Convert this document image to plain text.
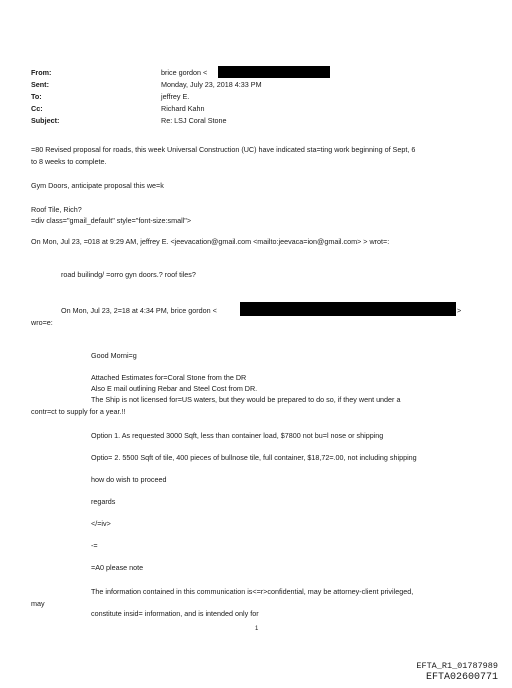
From:
Sent:
To:
Cc:
Subject:
brice gordon <
Monday, July 23, 2018 4:33 PM
jeffrey E.
Richard Kahn
Re: LSJ Coral Stone
=80 Revised proposal for roads, this week Universal Construction (UC) have indicated sta=ting work beginning of Sept, 6
to 8 weeks to complete.
Gym Doors, anticipate proposal this we=k
Roof Tile, Rich?
=div class="gmail_default" style="font-size:small">
On Mon, Jul 23, =018 at 9:29 AM, jeffrey E. <jeevacation@gmail.com <mailto:jeevaca=ion@gmail.com> > wrot=:
road builindg/ =orro gyn doors.? roof tiles?
On Mon, Jul 23, 2=18 at 4:34 PM, brice gordon <	>
wro=e:
Good Morni=g
Attached Estimates for=Coral Stone from the DR
Also E mail outlining Rebar and Steel Cost from DR.
The Ship is not licensed for=US waters, but they would be prepared to do so, if they went under a
contr=ct to supply for a year.!!
Option 1. As requested 3000 Sqft, less than container load, $7800 not bu=l nose or shipping
Optio= 2. 5500 Sqft of tile, 400 pieces of bullnose tile, full container, $18,72=.00, not including shipping
how do wish to proceed
regards
</=iv>
-=
=A0 please note
The information contained in this communication is<=r>confidential, may be attorney-client privileged,
may
constitute insid= information, and is intended only for
1
EFTA_R1_01787989
EFTA02600771
